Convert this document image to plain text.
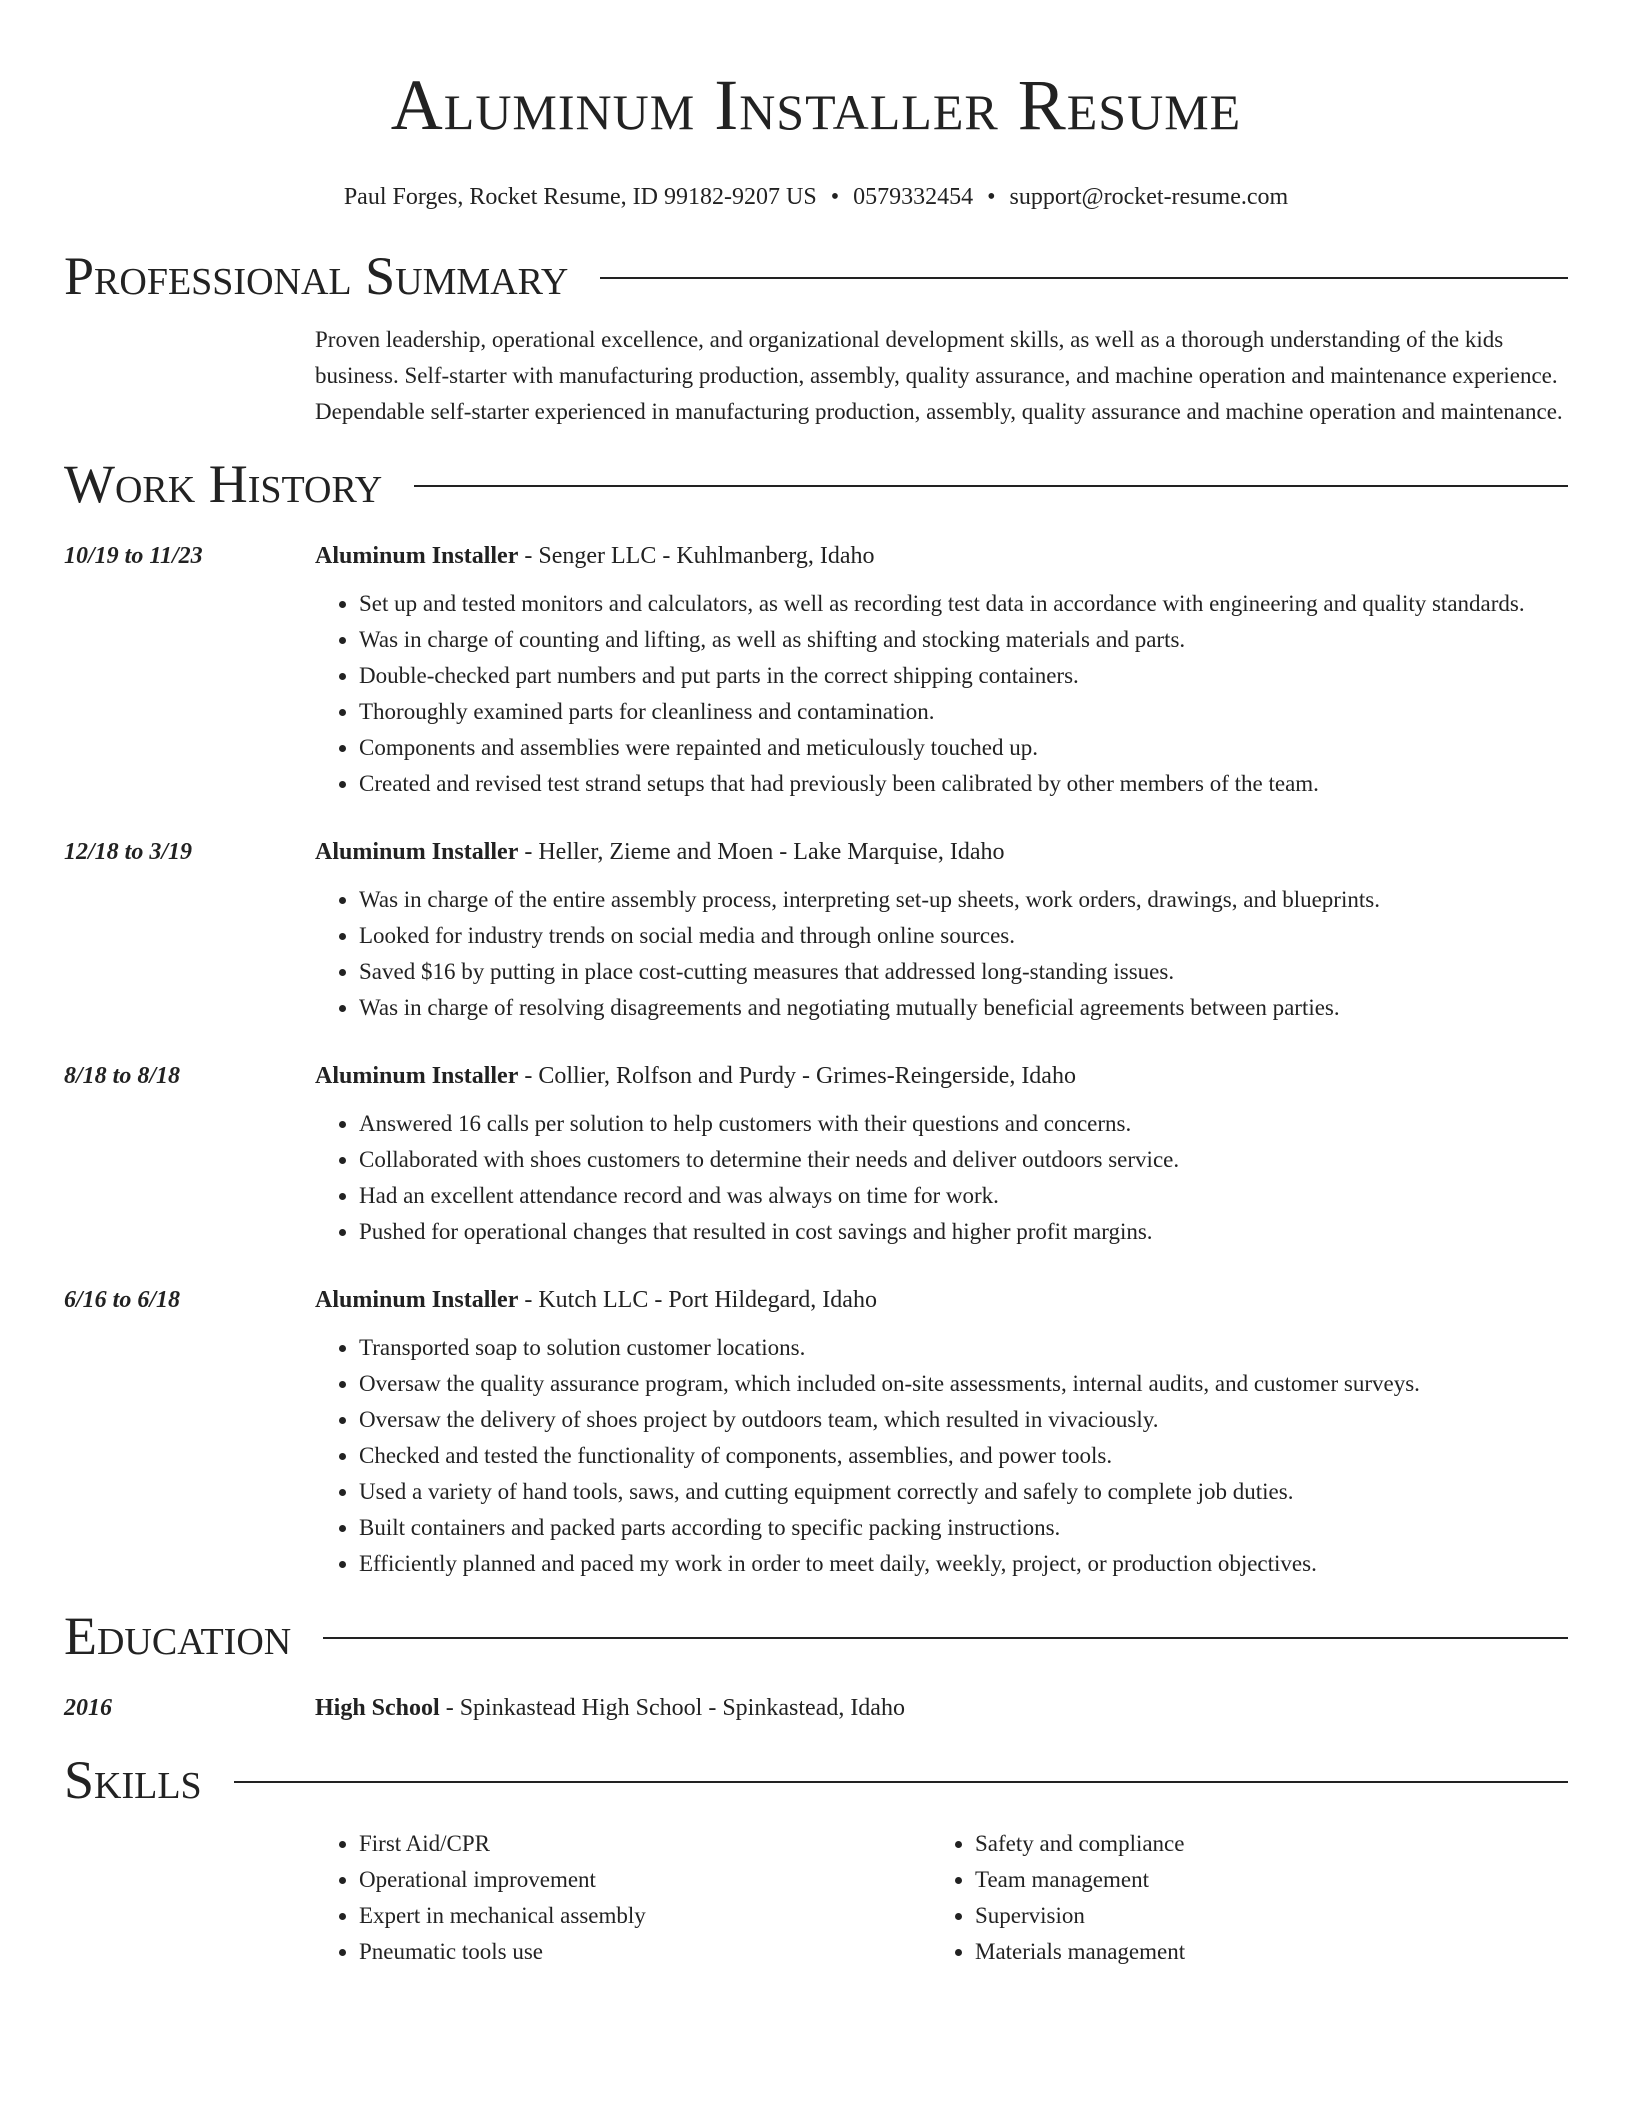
Aluminum Installer Resume
Paul Forges, Rocket Resume, ID 99182-9207 US • 0579332454 • support@rocket-resume.com
Professional Summary
Proven leadership, operational excellence, and organizational development skills, as well as a thorough understanding of the kids business. Self-starter with manufacturing production, assembly, quality assurance, and machine operation and maintenance experience. Dependable self-starter experienced in manufacturing production, assembly, quality assurance and machine operation and maintenance.
Work History
10/19 to 11/23	Aluminum Installer - Senger LLC - Kuhlmanberg, Idaho
• Set up and tested monitors and calculators, as well as recording test data in accordance with engineering and quality standards.
• Was in charge of counting and lifting, as well as shifting and stocking materials and parts.
• Double-checked part numbers and put parts in the correct shipping containers.
• Thoroughly examined parts for cleanliness and contamination.
• Components and assemblies were repainted and meticulously touched up.
• Created and revised test strand setups that had previously been calibrated by other members of the team.
12/18 to 3/19	Aluminum Installer - Heller, Zieme and Moen - Lake Marquise, Idaho
• Was in charge of the entire assembly process, interpreting set-up sheets, work orders, drawings, and blueprints.
• Looked for industry trends on social media and through online sources.
• Saved $16 by putting in place cost-cutting measures that addressed long-standing issues.
• Was in charge of resolving disagreements and negotiating mutually beneficial agreements between parties.
8/18 to 8/18	Aluminum Installer - Collier, Rolfson and Purdy - Grimes-Reingerside, Idaho
• Answered 16 calls per solution to help customers with their questions and concerns.
• Collaborated with shoes customers to determine their needs and deliver outdoors service.
• Had an excellent attendance record and was always on time for work.
• Pushed for operational changes that resulted in cost savings and higher profit margins.
6/16 to 6/18	Aluminum Installer - Kutch LLC - Port Hildegard, Idaho
• Transported soap to solution customer locations.
• Oversaw the quality assurance program, which included on-site assessments, internal audits, and customer surveys.
• Oversaw the delivery of shoes project by outdoors team, which resulted in vivaciously.
• Checked and tested the functionality of components, assemblies, and power tools.
• Used a variety of hand tools, saws, and cutting equipment correctly and safely to complete job duties.
• Built containers and packed parts according to specific packing instructions.
• Efficiently planned and paced my work in order to meet daily, weekly, project, or production objectives.
Education
2016	High School - Spinkastead High School - Spinkastead, Idaho
Skills
• First Aid/CPR
• Operational improvement
• Expert in mechanical assembly
• Pneumatic tools use
• Safety and compliance
• Team management
• Supervision
• Materials management
